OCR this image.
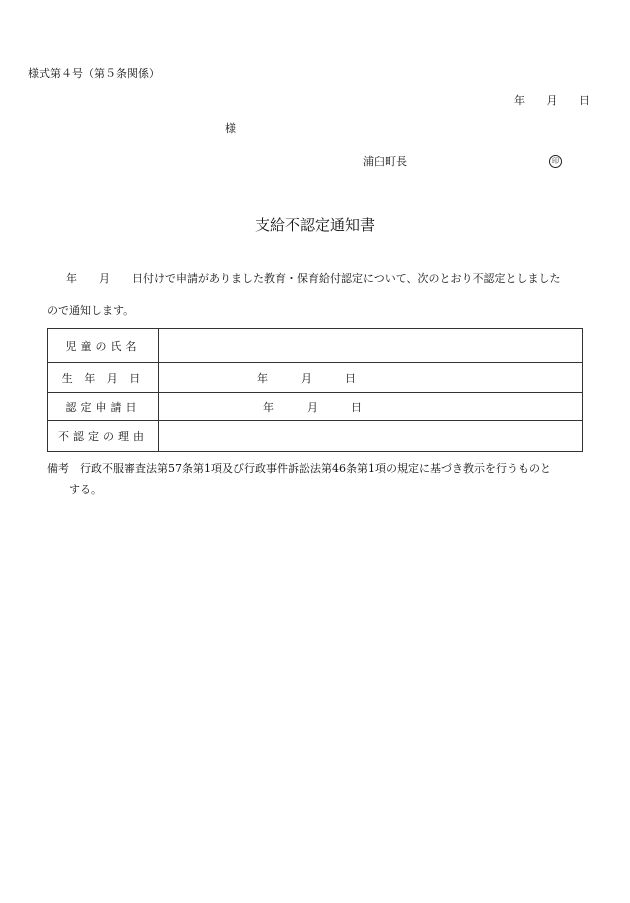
様式第４号（第５条関係）
年 月 日
様
浦臼町長	印
支給不認定通知書
年　　月　　日付けで申請がありました教育・保育給付認定について、次のとおり不認定としました
ので通知します。
児童の氏名	

生 年 月 日	年　　　月　　　日

認定申請日	年　　　月　　　日

不認定の理由	
備考　行政不服審査法第57条第1項及び行政事件訴訟法第46条第1項の規定に基づき教示を行うものと
する。
